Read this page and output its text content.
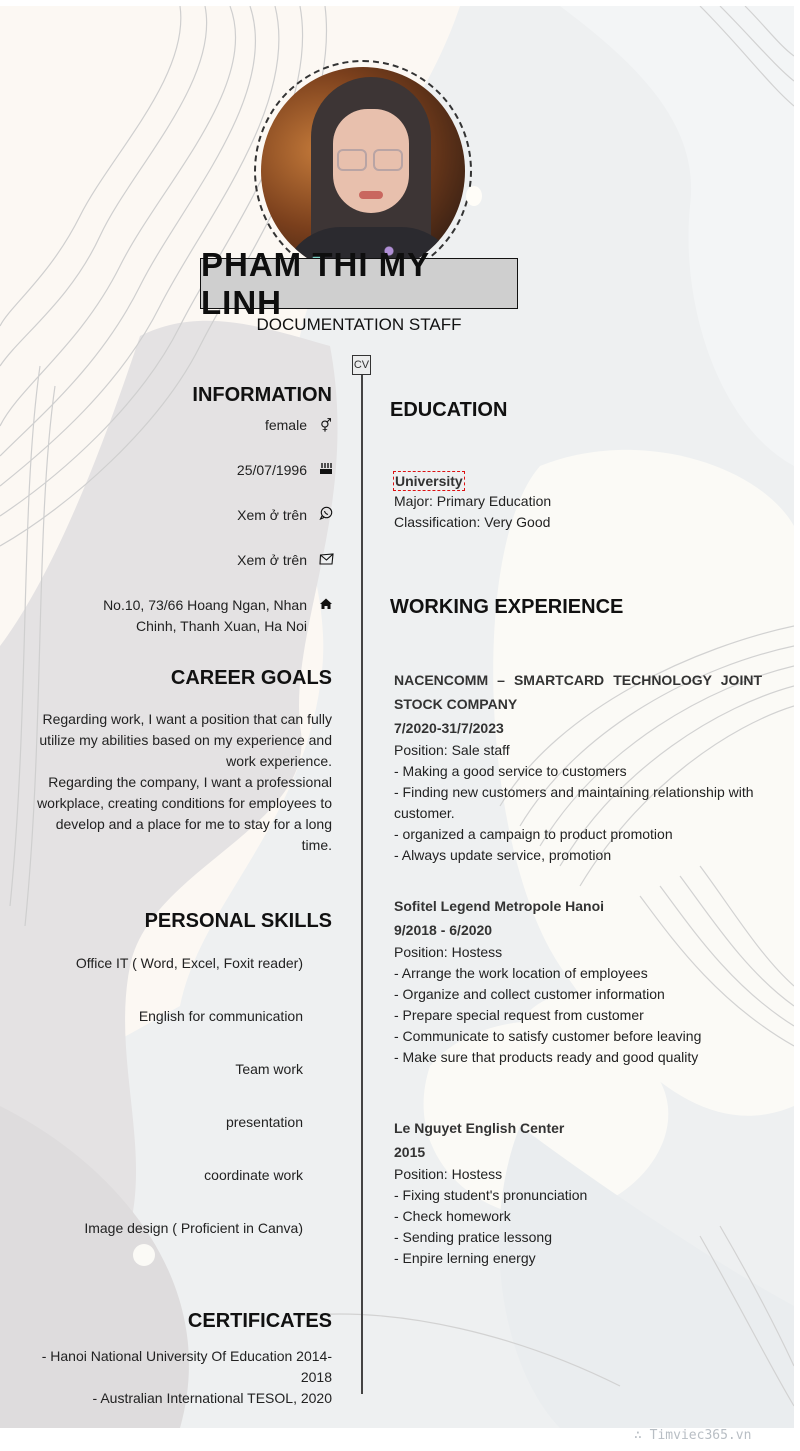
PHAM THI MY LINH
DOCUMENTATION STAFF
CV
INFORMATION
female	⚥
25/07/1996
Xem ở trên
Xem ở trên
No.10, 73/66 Hoang Ngan, Nhan Chinh, Thanh Xuan, Ha Noi
CAREER GOALS
Regarding work, I want a position that can fully utilize my abilities based on my experience and work experience.
Regarding the company, I want a professional workplace, creating conditions for employees to develop and a place for me to stay for a long time.
PERSONAL SKILLS
Office IT ( Word, Excel, Foxit reader)
English for communication
Team work
presentation
coordinate work
Image design ( Proficient in Canva)
CERTIFICATES
- Hanoi National University Of Education 2014-2018
- Australian International TESOL, 2020
EDUCATION
University
Major: Primary Education
Classification: Very Good
WORKING EXPERIENCE
NACENCOMM – SMARTCARD TECHNOLOGY JOINT STOCK COMPANY
7/2020-31/7/2023
Position: Sale staff
- Making a good service to customers
- Finding new customers and maintaining relationship with customer.
- organized a campaign to product promotion
- Always update service, promotion
Sofitel Legend Metropole Hanoi
9/2018 - 6/2020
Position: Hostess
- Arrange the work location of employees
- Organize and collect customer information
- Prepare special request from customer
- Communicate to satisfy customer before leaving
- Make sure that products ready and good quality
Le Nguyet English Center
2015
Position: Hostess
- Fixing student's pronunciation
- Check homework
- Sending pratice lessong
- Enpire lerning energy
∴ Timviec365.vn
